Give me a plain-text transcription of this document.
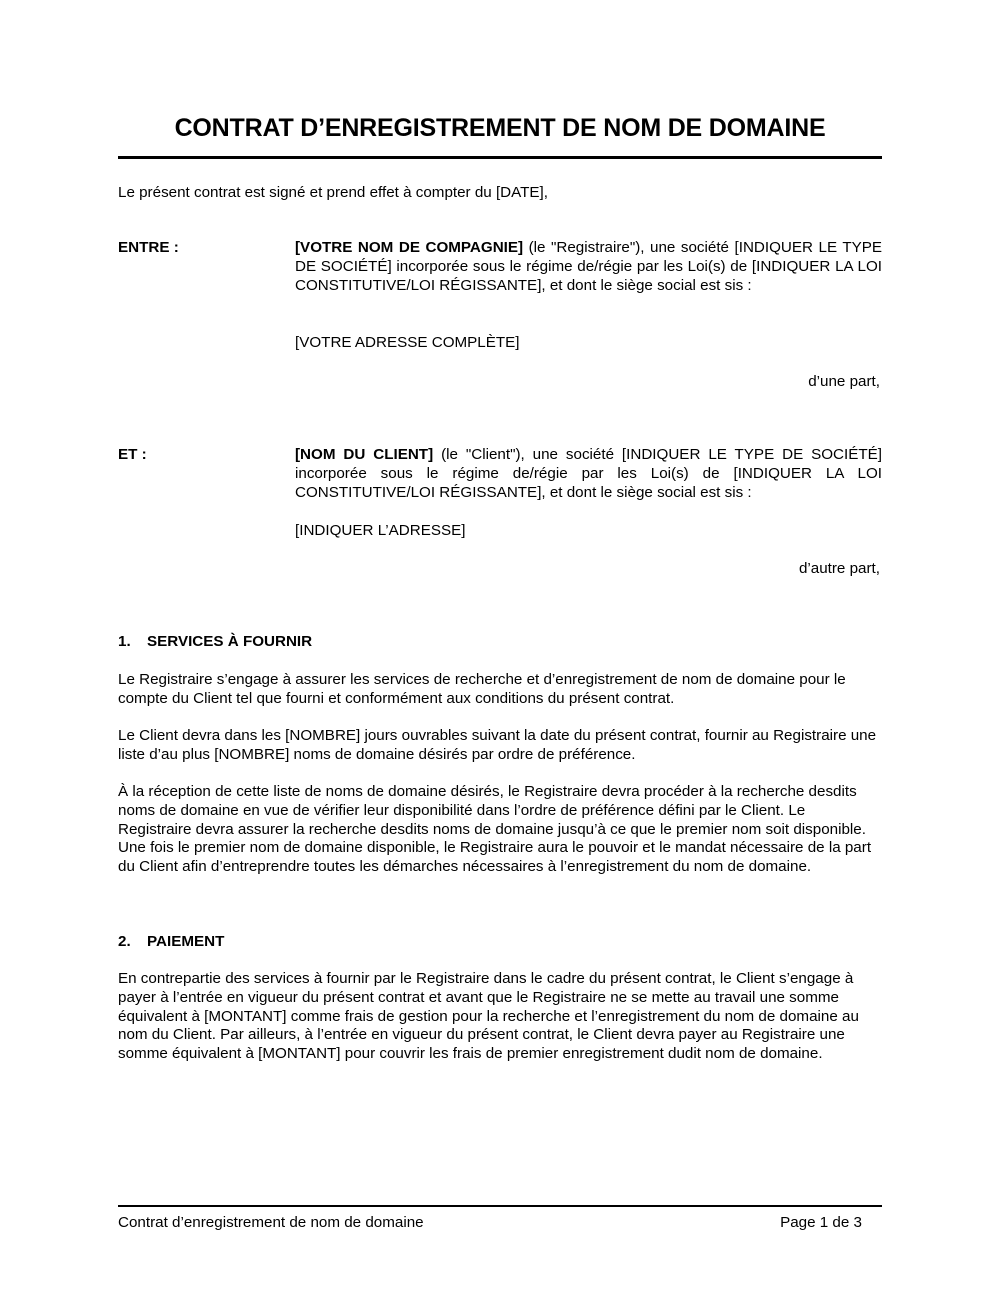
CONTRAT D’ENREGISTREMENT DE NOM DE DOMAINE
Le présent contrat est signé et prend effet à compter du [DATE],
ENTRE :	[VOTRE NOM DE COMPAGNIE] (le "Registraire"), une société [INDIQUER LE TYPE DE SOCIÉTÉ] incorporée sous le régime de/régie par les Loi(s) de [INDIQUER LA LOI CONSTITUTIVE/LOI RÉGISSANTE], et dont le siège social est sis :
[VOTRE ADRESSE COMPLÈTE]
d’une part,
ET :	[NOM DU CLIENT] (le "Client"), une société [INDIQUER LE TYPE DE SOCIÉTÉ] incorporée sous le régime de/régie par les Loi(s) de [INDIQUER LA LOI CONSTITUTIVE/LOI RÉGISSANTE], et dont le siège social est sis :
[INDIQUER L’ADRESSE]
d’autre part,
1. SERVICES À FOURNIR
Le Registraire s’engage à assurer les services de recherche et d’enregistrement de nom de domaine pour le compte du Client tel que fourni et conformément aux conditions du présent contrat.
Le Client devra dans les [NOMBRE] jours ouvrables suivant la date du présent contrat, fournir au Registraire une liste d’au plus [NOMBRE] noms de domaine désirés par ordre de préférence.
À la réception de cette liste de noms de domaine désirés, le Registraire devra procéder à la recherche desdits noms de domaine en vue de vérifier leur disponibilité dans l’ordre de préférence défini par le Client. Le Registraire devra assurer la recherche desdits noms de domaine jusqu’à ce que le premier nom soit disponible. Une fois le premier nom de domaine disponible, le Registraire aura le pouvoir et le mandat nécessaire de la part du Client afin d’entreprendre toutes les démarches nécessaires à l’enregistrement du nom de domaine.
2. PAIEMENT
En contrepartie des services à fournir par le Registraire dans le cadre du présent contrat, le Client s’engage à payer à l’entrée en vigueur du présent contrat et avant que le Registraire ne se mette au travail une somme équivalent à [MONTANT] comme frais de gestion pour la recherche et l’enregistrement du nom de domaine au nom du Client. Par ailleurs, à l’entrée en vigueur du présent contrat, le Client devra payer au Registraire une somme équivalent à [MONTANT] pour couvrir les frais de premier enregistrement dudit nom de domaine.
Contrat d’enregistrement de nom de domaine	Page 1 de 3
